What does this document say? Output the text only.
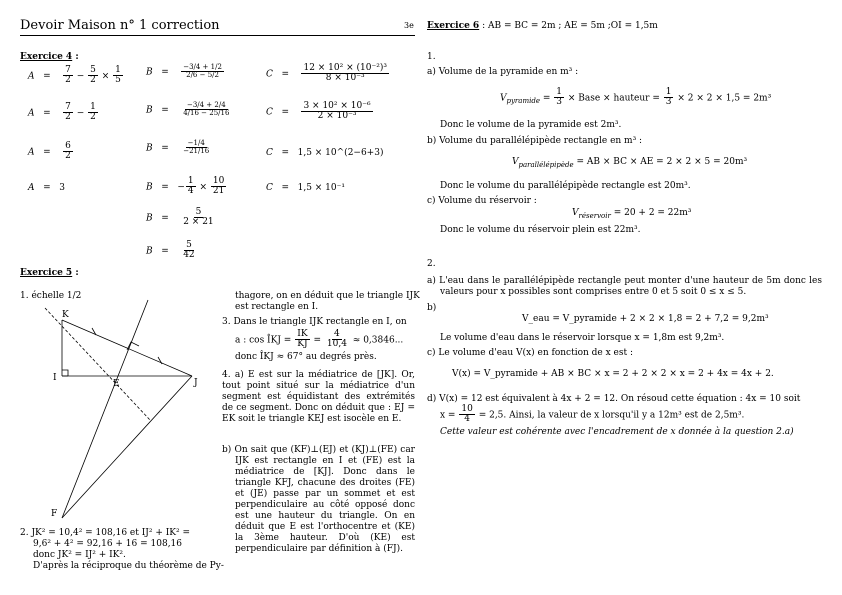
Devoir Maison n° 1 correction	3e
Exercice 4 :
$A = \frac{7}{2} - \frac{5}{2} \times \frac{1}{5}$
$A = \frac{7}{2} - \frac{1}{2}$
$A = \frac{6}{2}$
A   =   3
$B = \frac{-3/4 + 1/2}{2/6 - 5/2}$
$B = \frac{-3/4 + 2/4}{4/16 - 25/16}$
$B = \frac{-1/4}{-21/16}$
B   =   − $\frac{1}{4} \times \frac{10}{21}$
$B = \frac{5}{2 \times 21}$
$B = \frac{5}{42}$
$C = \frac{\text{12 × 10² × (10⁻²)³}}{\text{8 × 10⁻³}}$
$C = \frac{\text{3 × 10² × 10⁻⁶}}{\text{2 × 10⁻³}}$
C   =   1,5 × 10^(2−6+3)
C   =   1,5 × 10⁻¹
Exercice 5 :
1. échelle 1/2
K
I
E	J
F
2. JK² = 10,4² = 108,16 et IJ² + IK² =
9,6² + 4² = 92,16 + 16 = 108,16
donc JK² = IJ² + IK².
D'après la réciproque du théorème de Py-
thagore, on en déduit que le triangle IJK
est rectangle en I.
3. Dans le triangle IJK rectangle en I, on
a : cos ÎKJ = $\frac{IK}{KJ} = \frac{4}{10,4} \approx 0,3846$...
donc ÎKJ ≈ 67° au degrés près.
4. a) E est sur la médiatrice de [JK]. Or, tout point situé sur la médiatrice d'un segment est équidistant des extrémités de ce segment. Donc on déduit que : EJ = EK soit le triangle KEJ est isocèle en E.
b) On sait que (KF)⊥(EJ) et (KJ)⊥(FE) car IJK est rectangle en I et (FE) est la médiatrice de [KJ]. Donc dans le triangle KFJ, chacune des droites (FE) et (JE) passe par un sommet et est perpendiculaire au côté opposé donc est une hauteur du triangle. On en déduit que E est l'orthocentre et (KE) la 3ème hauteur. D'où (KE) est perpendiculaire par définition à (FJ).
Exercice 6 : AB = BC = 2m ; AE = 5m ;OI = 1,5m
1.
a) Volume de la pyramide en m³ :
$V_{pyramide} = \frac{1}{3}$ × Base × hauteur = $\frac{1}{3} \times 2 \times 2 \times 1,5 = 2m^3$
Donc le volume de la pyramide est 2m³.
b) Volume du parallélépipède rectangle en m³ :
$V_{parallélépipède}$ = AB × BC × AE = 2 × 2 × 5 = 20m³
Donc le volume du parallélépipède rectangle est 20m³.
c) Volume du réservoir :
$V_{réservoir} = 20 + 2 = 22m^3$
Donc le volume du réservoir plein est 22m³.
2.
a) L'eau dans le parallélépipède rectangle peut monter d'une hauteur de 5m donc les valeurs pour x possibles sont comprises entre 0 et 5 soit 0 ≤ x ≤ 5.
b)
V_eau = V_pyramide + 2 × 2 × 1,8 = 2 + 7,2 = 9,2m³
Le volume d'eau dans le réservoir lorsque x = 1,8m est 9,2m³.
c) Le volume d'eau V(x) en fonction de x est :
V(x) = V_pyramide + AB × BC × x = 2 + 2 × 2 × x = 2 + 4x = 4x + 2.
d) V(x) = 12 est équivalent à 4x + 2 = 12. On résoud cette équation : 4x = 10 soit
$x = \frac{10}{4} = 2,5$. Ainsi, la valeur de x lorsqu'il y a 12m³ est de 2,5m³.
Cette valeur est cohérente avec l'encadrement de x donnée à la question 2.a)
